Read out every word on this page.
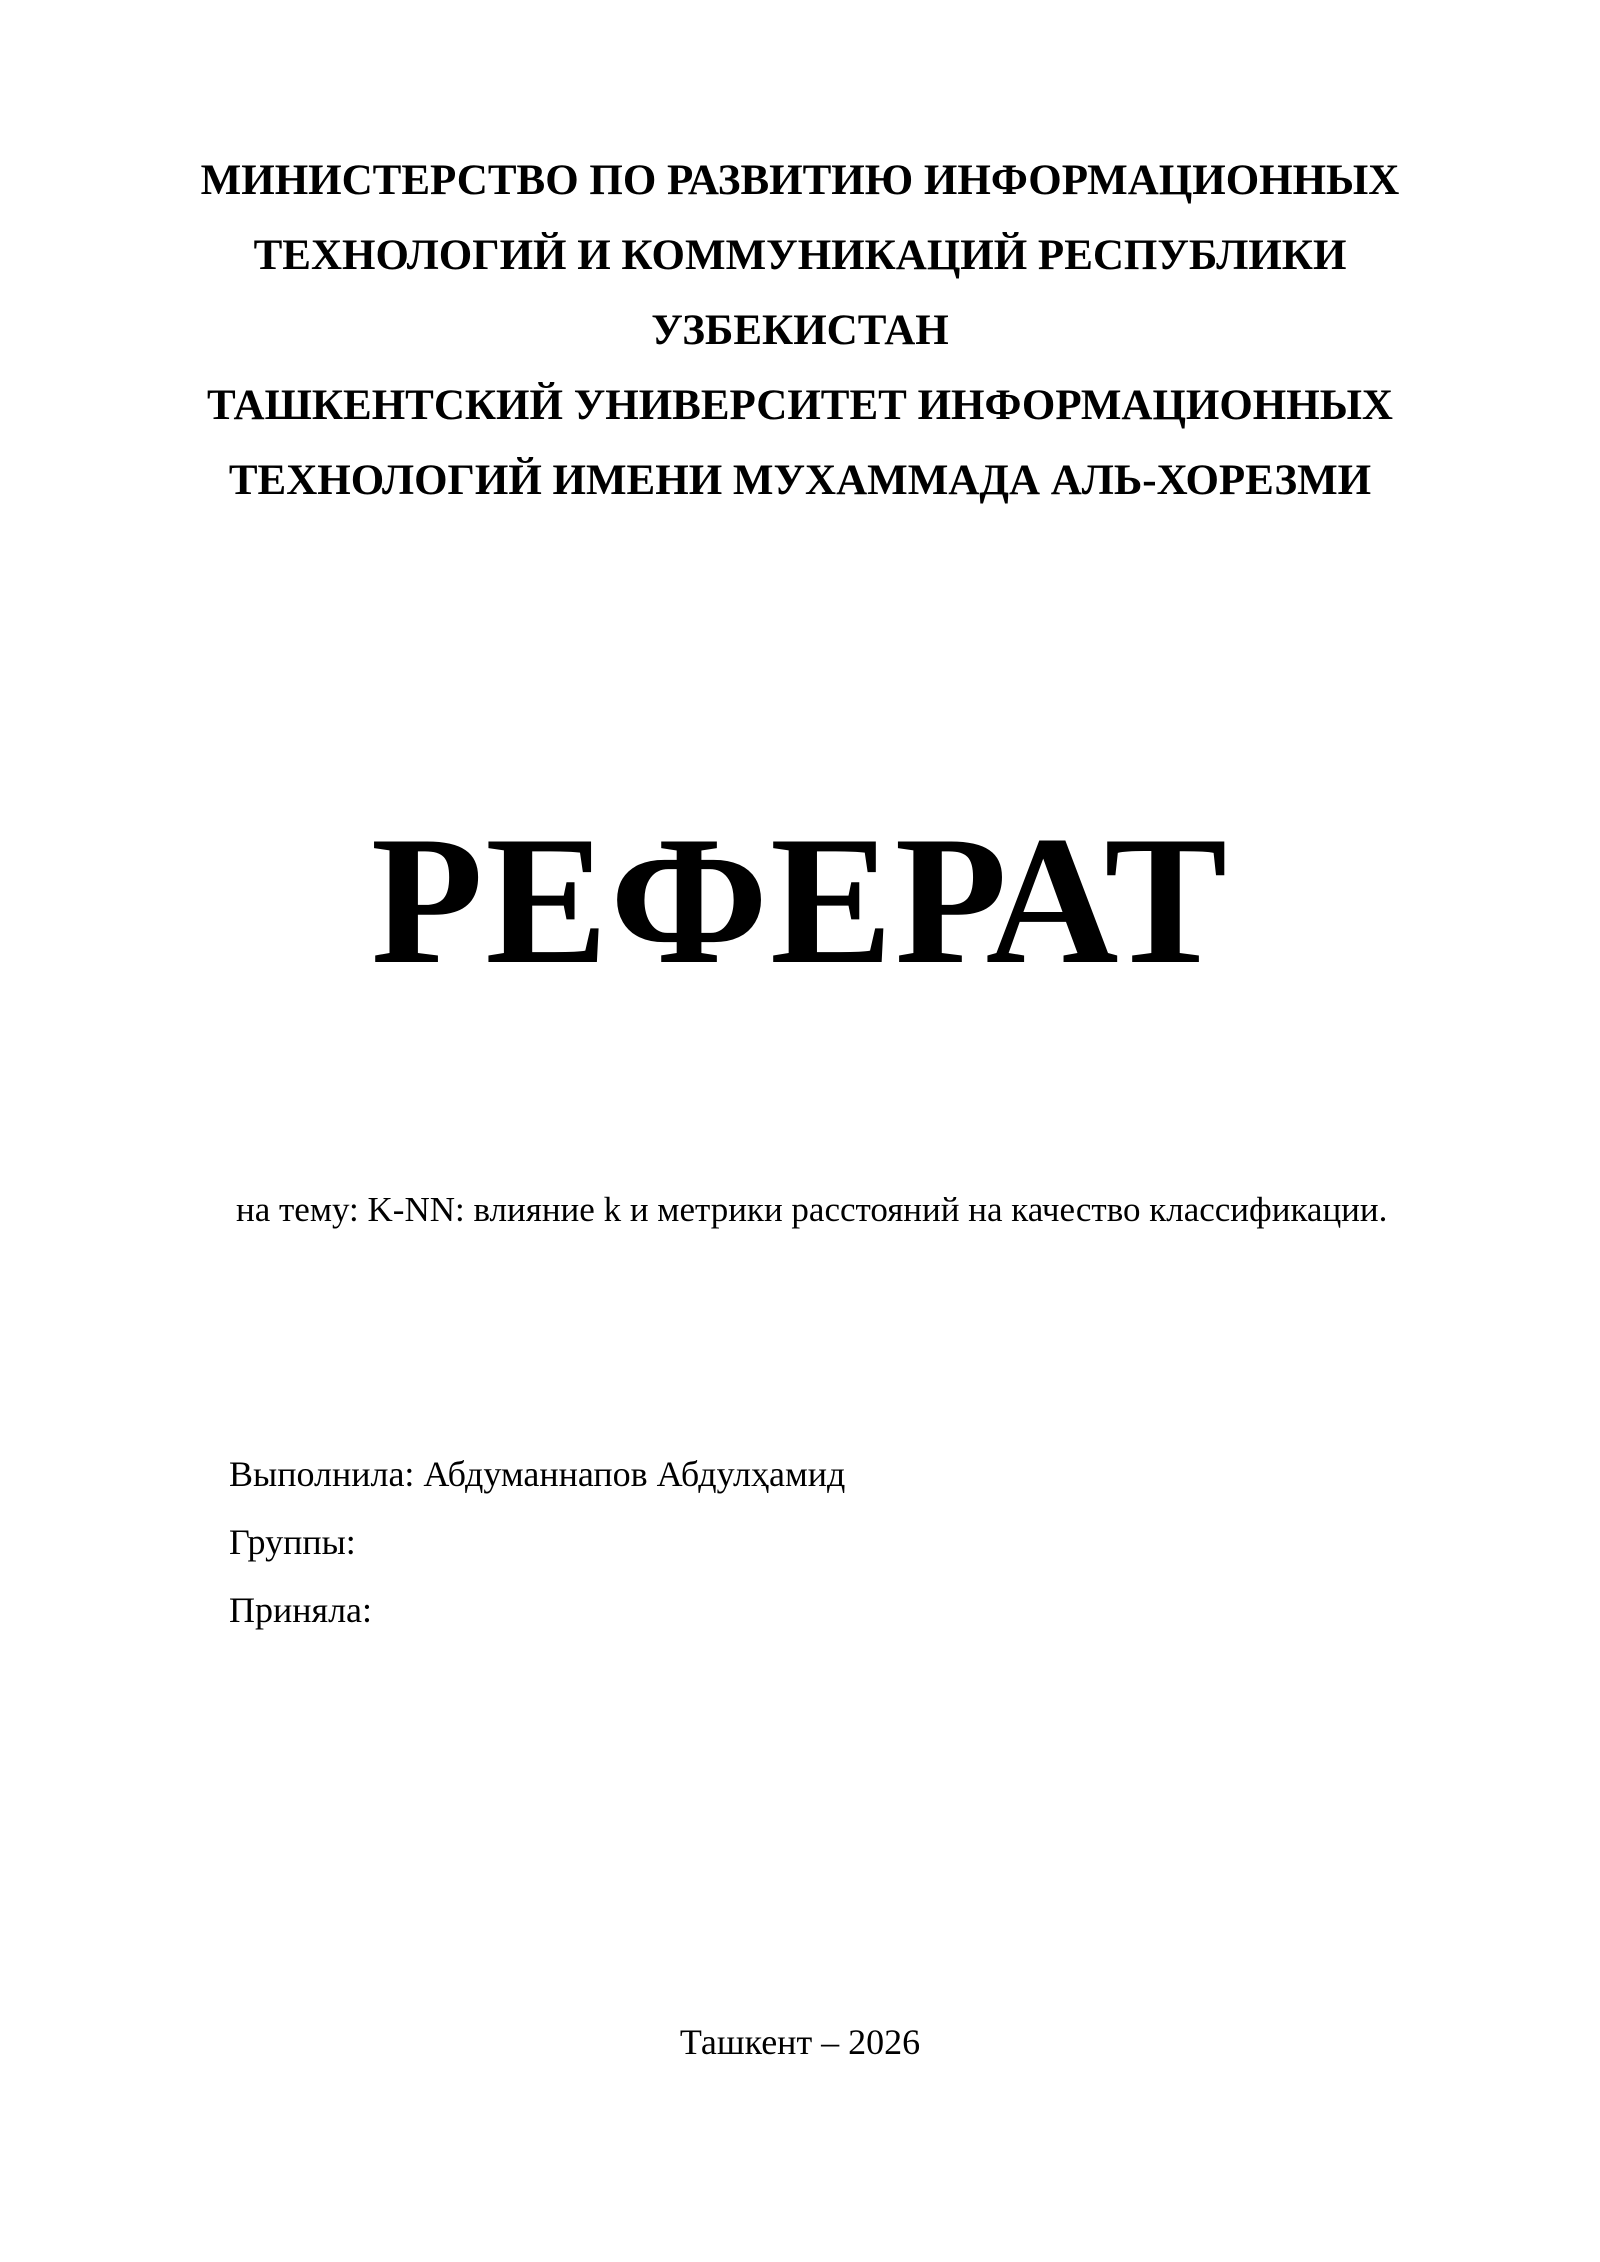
МИНИСТЕРСТВО ПО РАЗВИТИЮ ИНФОРМАЦИОННЫХ
ТЕХНОЛОГИЙ И КОММУНИКАЦИЙ РЕСПУБЛИКИ
УЗБЕКИСТАН
ТАШКЕНТСКИЙ УНИВЕРСИТЕТ ИНФОРМАЦИОННЫХ
ТЕХНОЛОГИЙ ИМЕНИ МУХАММАДА АЛЬ-ХОРЕЗМИ
РЕФЕРАТ
на тему: K-NN: влияние k и метрики расстояний на качество классификации.
Выполнила: Абдуманнапов Абдулҳамид
Группы:
Приняла:
Ташкент – 2026
